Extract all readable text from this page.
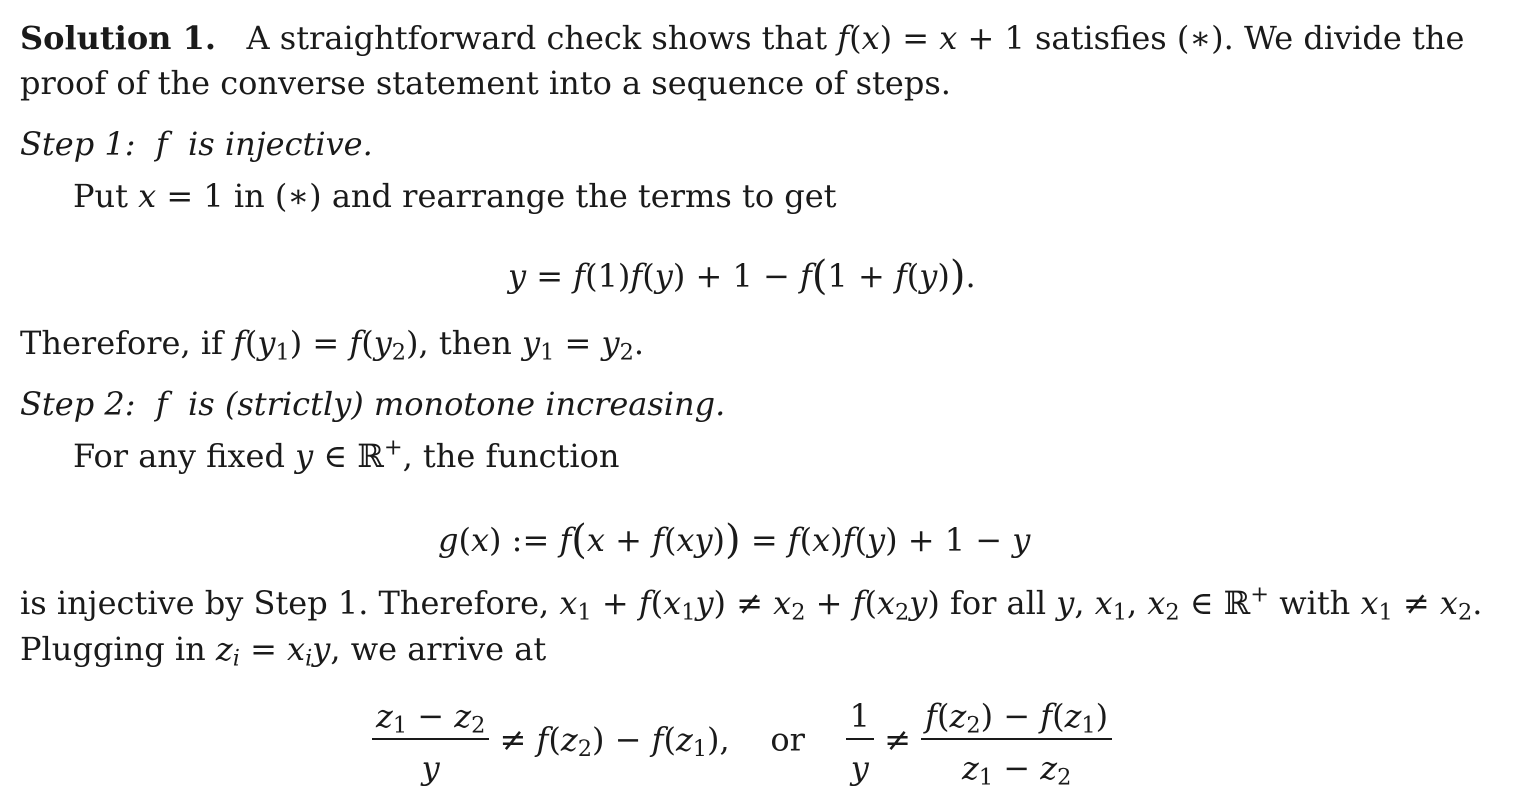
Solution 1. A straightforward check shows that f(x) = x + 1 satisfies (∗). We divide the
proof of the converse statement into a sequence of steps.
Step 1: f is injective.
Put x = 1 in (∗) and rearrange the terms to get
y = f(1)f(y) + 1 − f(1 + f(y)).
Therefore, if $f(y_1) = f(y_2)$, then $y_1 = y_2$.
Step 2: f is (strictly) monotone increasing.
For any fixed y ∈ ℝ+, the function
g(x) := f(x + f(xy)) = f(x)f(y) + 1 − y
is injective by Step 1. Therefore, $x_1 + f(x_1y) \ne x_2 + f(x_2y)$ for all y, $x_1$, $x_2$ ∈ ℝ+ with $x_1 \ne x_2$.
Plugging in $z_i = x_iy$, we arrive at
$\frac{z_1 - z_2}{y} \ne f(z_2) - f(z_1)$,    or $\frac{1}{y} \ne \frac{f(z_2) - f(z_1)}{z_1 - z_2}$
